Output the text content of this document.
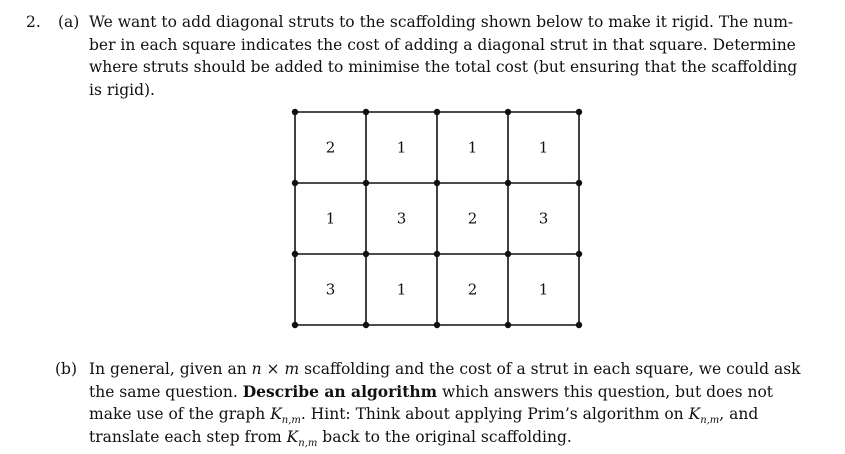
2. (a) We want to add diagonal struts to the scaffolding shown below to make it rigid. The num-
ber in each square indicates the cost of adding a diagonal strut in that square. Determine
where struts should be added to minimise the total cost (but ensuring that the scaffolding
is rigid).
2	1	1	1
1	3	2	3
3	1	2	1
(b) In general, given an n × m scaffolding and the cost of a strut in each square, we could ask
the same question. Describe an algorithm which answers this question, but does not
make use of the graph $K_{n,m}$. Hint: Think about applying Prim’s algorithm on $K_{n,m}$, and
translate each step from $K_{n,m}$ back to the original scaffolding.
